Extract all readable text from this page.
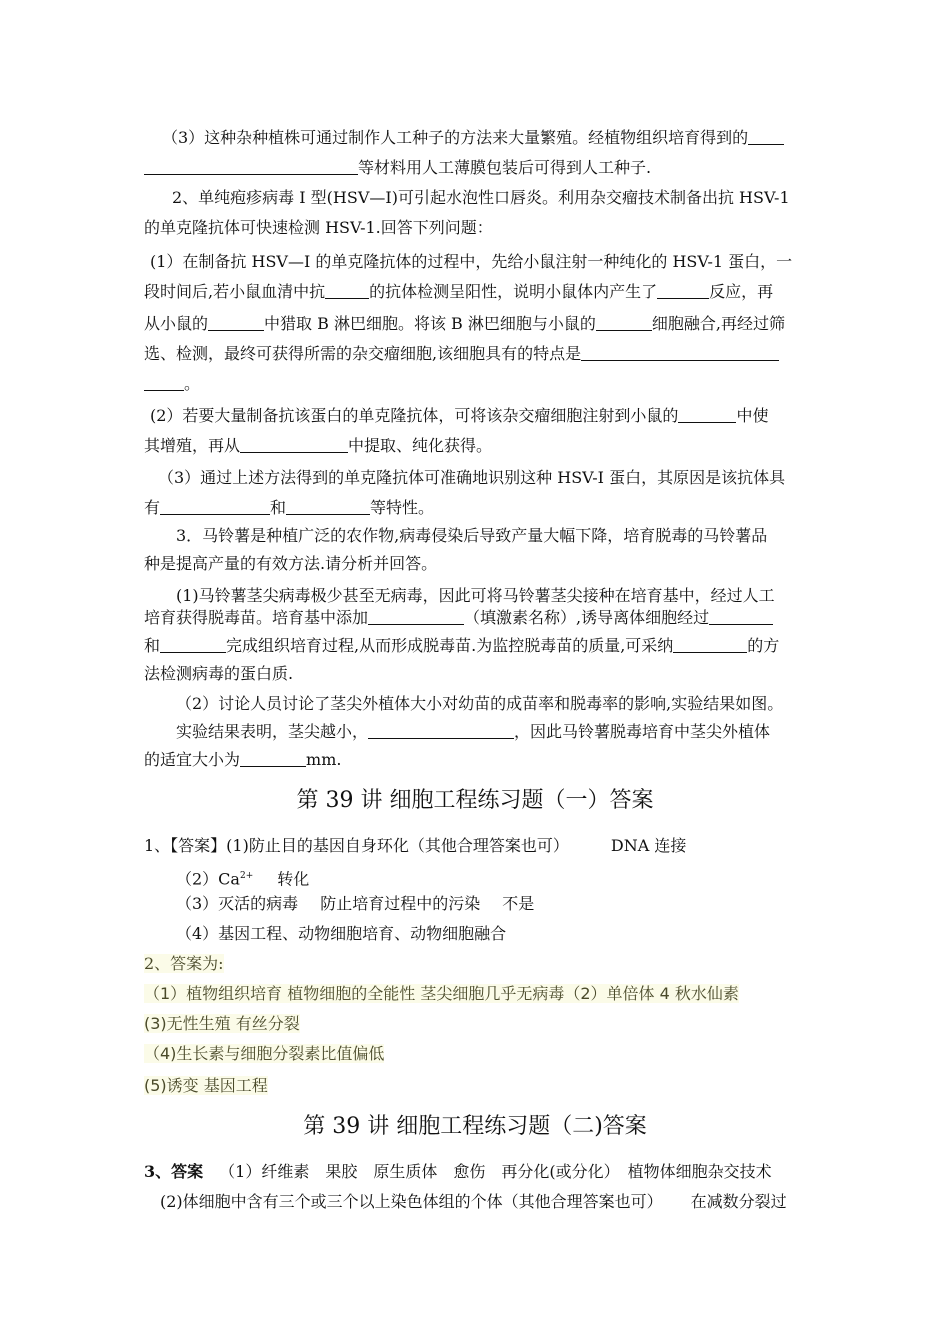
（3）这种杂种植株可通过制作人工种子的方法来大量繁殖。经植物组织培育得到的
等材料用人工薄膜包装后可得到人工种子.
2、单纯疱疹病毒 I 型(HSV—I)可引起水泡性口唇炎。利用杂交瘤技术制备出抗 HSV-1
的单克隆抗体可快速检测 HSV-1.回答下列问题：
(1）在制备抗 HSV—I 的单克隆抗体的过程中，先给小鼠注射一种纯化的 HSV-1 蛋白，一
段时间后,若小鼠血清中抗	的抗体检测呈阳性，说明小鼠体内产生了	反应，再
从小鼠的	中猎取 B 淋巴细胞。将该 B 淋巴细胞与小鼠的	细胞融合,再经过筛
选、检测，最终可获得所需的杂交瘤细胞,该细胞具有的特点是
。
(2）若要大量制备抗该蛋白的单克隆抗体，可将该杂交瘤细胞注射到小鼠的	中使
其增殖，再从	中提取、纯化获得。
（3）通过上述方法得到的单克隆抗体可准确地识别这种 HSV-I 蛋白，其原因是该抗体具
有	和	等特性。
3．马铃薯是种植广泛的农作物,病毒侵染后导致产量大幅下降，培育脱毒的马铃薯品
种是提高产量的有效方法.请分析并回答。
(1)马铃薯茎尖病毒极少甚至无病毒，因此可将马铃薯茎尖接种在培育基中，经过人工
培育获得脱毒苗。培育基中添加	（填激素名称）,诱导离体细胞经过
和	完成组织培育过程,从而形成脱毒苗.为监控脱毒苗的质量,可采纳	的方
法检测病毒的蛋白质.
（2）讨论人员讨论了茎尖外植体大小对幼苗的成苗率和脱毒率的影响,实验结果如图。
实验结果表明，茎尖越小，	，因此马铃薯脱毒培育中茎尖外植体
的适宜大小为	mm.
第 39 讲 细胞工程练习题（一）答案
1、【答案】(1)防止目的基因自身环化（其他合理答案也可）	DNA 连接
$(2)Ca^{2+}$ 转化
（3）灭活的病毒 防止培育过程中的污染 不是
（4）基因工程、动物细胞培育、动物细胞融合
2、答案为:
（1）植物组织培育 植物细胞的全能性 茎尖细胞几乎无病毒（2）单倍体 4 秋水仙素
(3)无性生殖 有丝分裂
（4)生长素与细胞分裂素比值偏低
(5)诱变 基因工程
第 39 讲 细胞工程练习题（二)答案
3、答案 （1）纤维素　果胶　原生质体　愈伤　再分化(或分化）　植物体细胞杂交技术
(2)体细胞中含有三个或三个以上染色体组的个体（其他合理答案也可） 在减数分裂过
